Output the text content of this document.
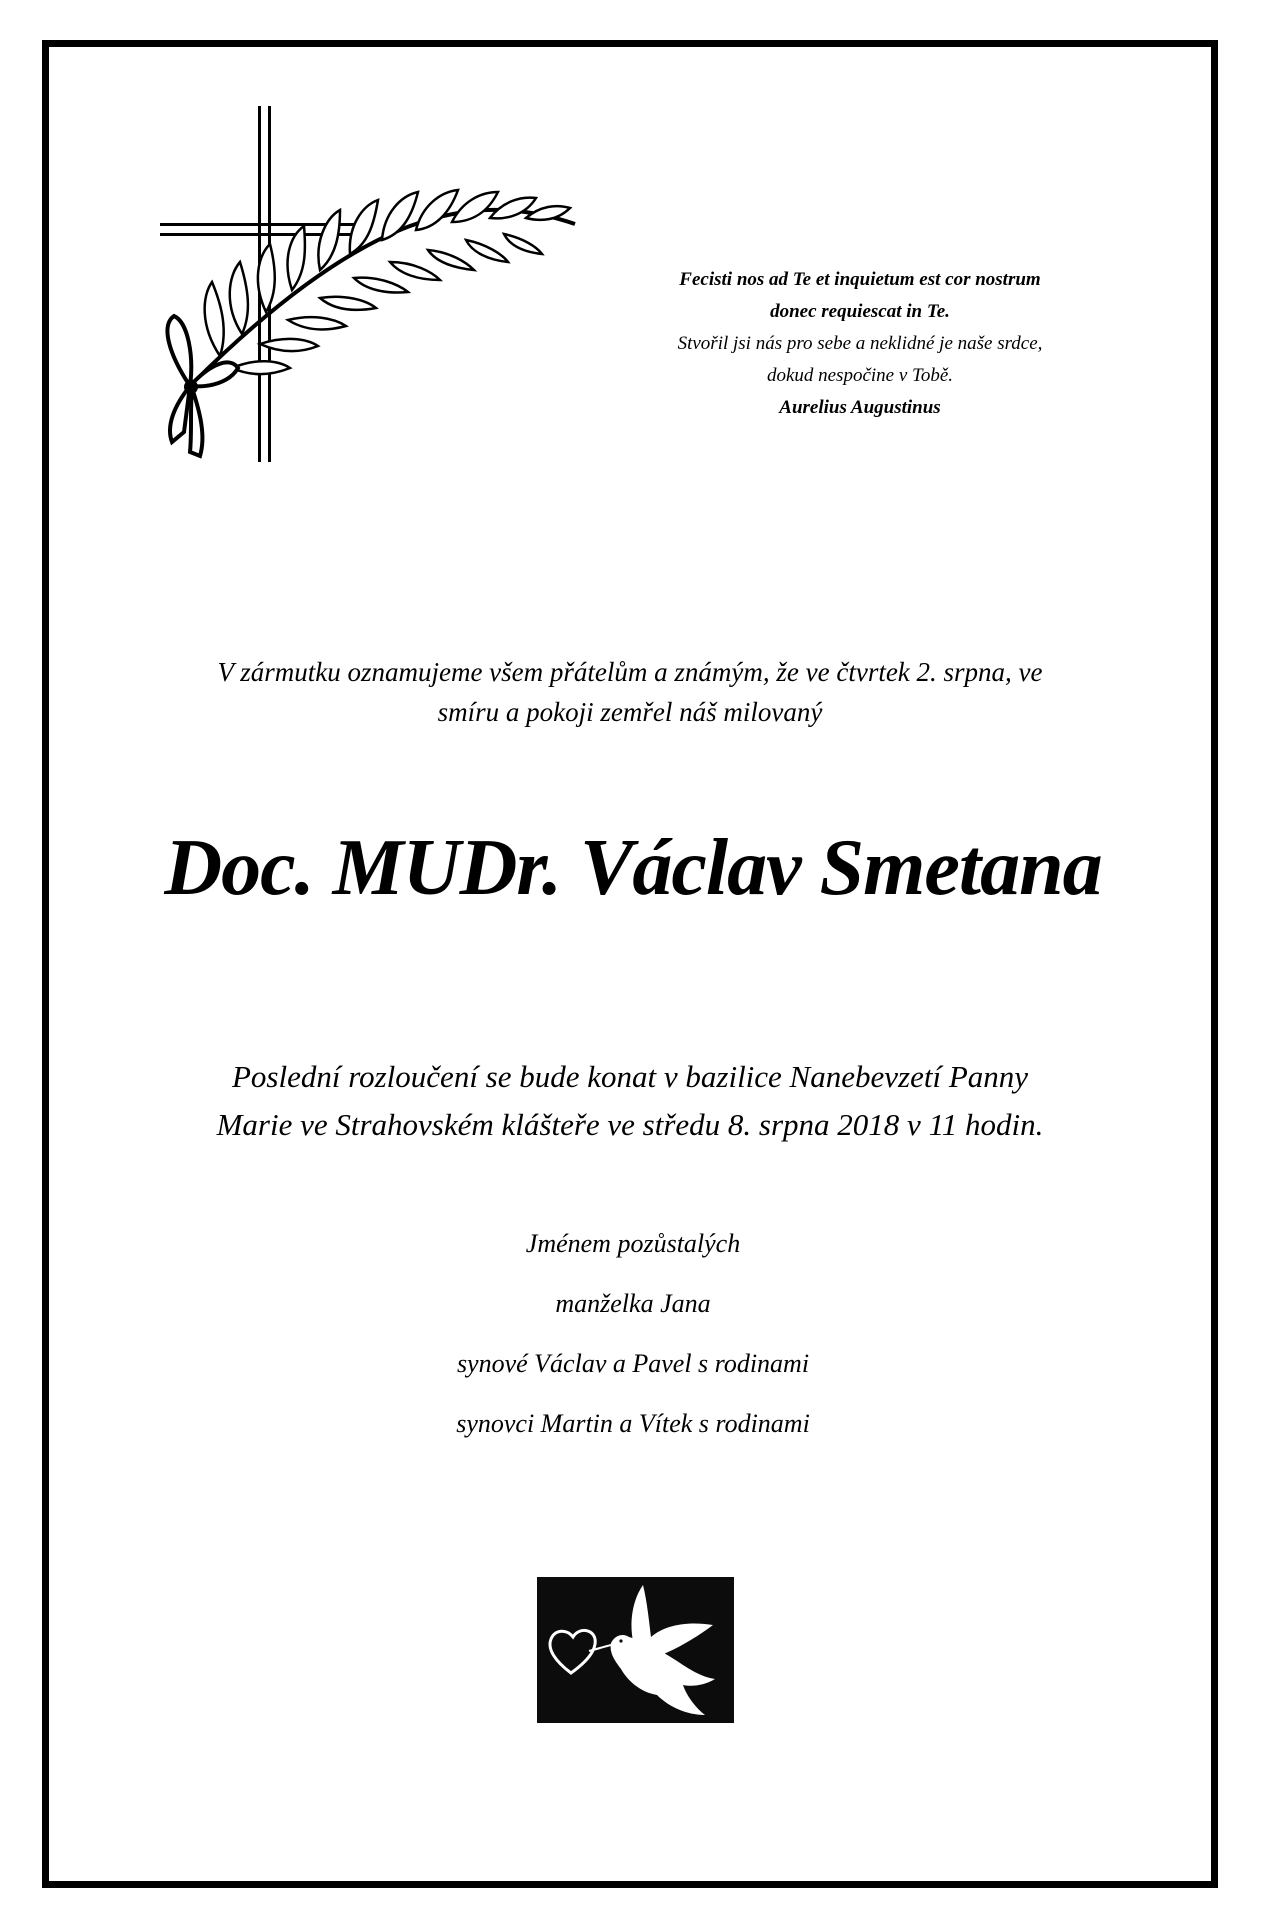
Fecisti nos ad Te et inquietum est cor nostrum
donec requiescat in Te.
Stvořil jsi nás pro sebe a neklidné je naše srdce,
dokud nespočine v Tobě.
Aurelius Augustinus
V zármutku oznamujeme všem přátelům a známým, že ve čtvrtek 2. srpna, ve
smíru a pokoji zemřel náš milovaný
Doc. MUDr. Václav Smetana
Poslední rozloučení se bude konat v bazilice Nanebevzetí Panny
Marie ve Strahovském klášteře ve středu 8. srpna 2018 v 11 hodin.
Jménem pozůstalých
manželka Jana
synové Václav a Pavel s rodinami
synovci Martin a Vítek s rodinami
